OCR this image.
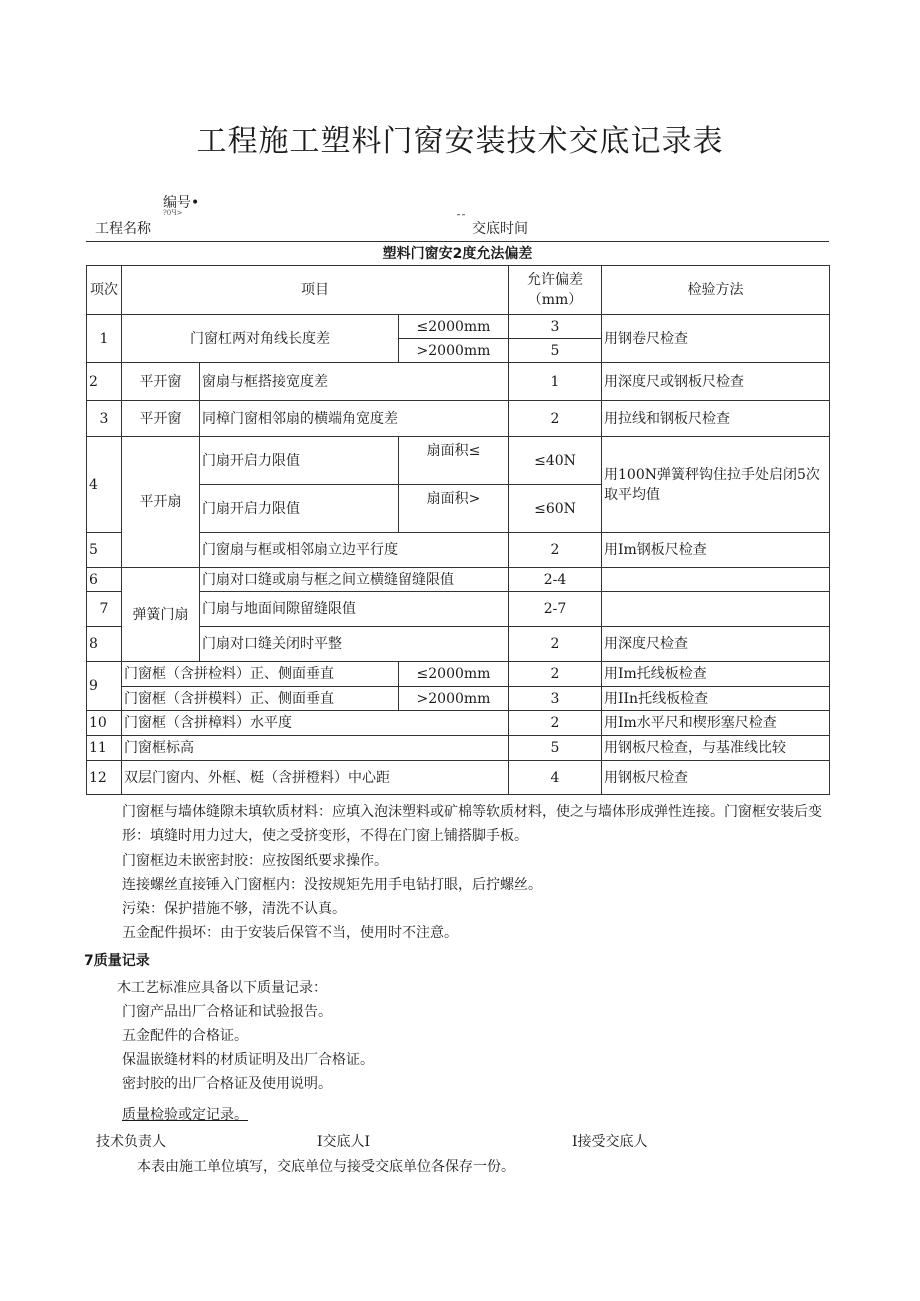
工程施工塑料门窗安装技术交底记录表
编号•
?0Ч>
工程名称
¯¯
交底时间
塑料门窗安2度允法偏差
项次	项目			允许偏差（mm）	检验方法
1	门窗杠两对角线长度差		≤2000mm	3	用钢卷尺检查
			>2000mm	5	
2	平开窗	窗扇与框搭接宽度差		1	用深度尺或钢板尺检查
3	平开窗	同樟门窗相邻扇的横端角宽度差		2	用拉线和钢板尺检查
4	平开扇	门扇开启力限值	扇面积≤	≤40N	用100N弹簧秤钩住拉手处启闭5次取平均值
		门扇开启力限值	扇面积>	≤60N	
5		门窗扇与框或相邻扇立边平行度		2	用Im钢板尺检查
6	弹簧门扇	门扇对口缝或扇与框之间立横缝留缝限值		2-4	
7		门扇与地面间隙留缝限值		2-7	
8		门扇对口缝关闭时平整		2	用深度尺检查
9	门窗框（含拼检料）正、侧面垂直		≤2000mm	2	用Im托线板检查
	门窗框（含拼模料）正、侧面垂直		>2000mm	3	用IIn托线板检查
10	门窗框（含拼樟料）水平度			2	用Im水平尺和楔形塞尺检查
11	门窗框标高			5	用钢板尺检查，与基准线比较
12	双层门窗内、外框、梃（含拼橙料）中心距			4	用钢板尺检查
门窗框与墙体缝隙未填软质材料：应填入泡沫塑料或矿棉等软质材料，使之与墙体形成弹性连接。门窗框安装后变形：填缝时用力过大，使之受挤变形，不得在门窗上铺搭脚手板。
门窗框边未嵌密封胶：应按图纸要求操作。
连接螺丝直接锤入门窗框内：没按规矩先用手电钻打眼，后拧螺丝。
污染：保护措施不够，清洗不认真。
五金配件损坏：由于安装后保管不当，使用时不注意。
7质量记录
木工艺标准应具备以下质量记录：
门窗产品出厂合格证和试验报告。
五金配件的合格证。
保温嵌缝材料的材质证明及出厂合格证。
密封胶的出厂合格证及使用说明。
质量检验或定记录。
技术负责人	I交底人I	I接受交底人
本表由施工单位填写，交底单位与接受交底单位各保存一份。
